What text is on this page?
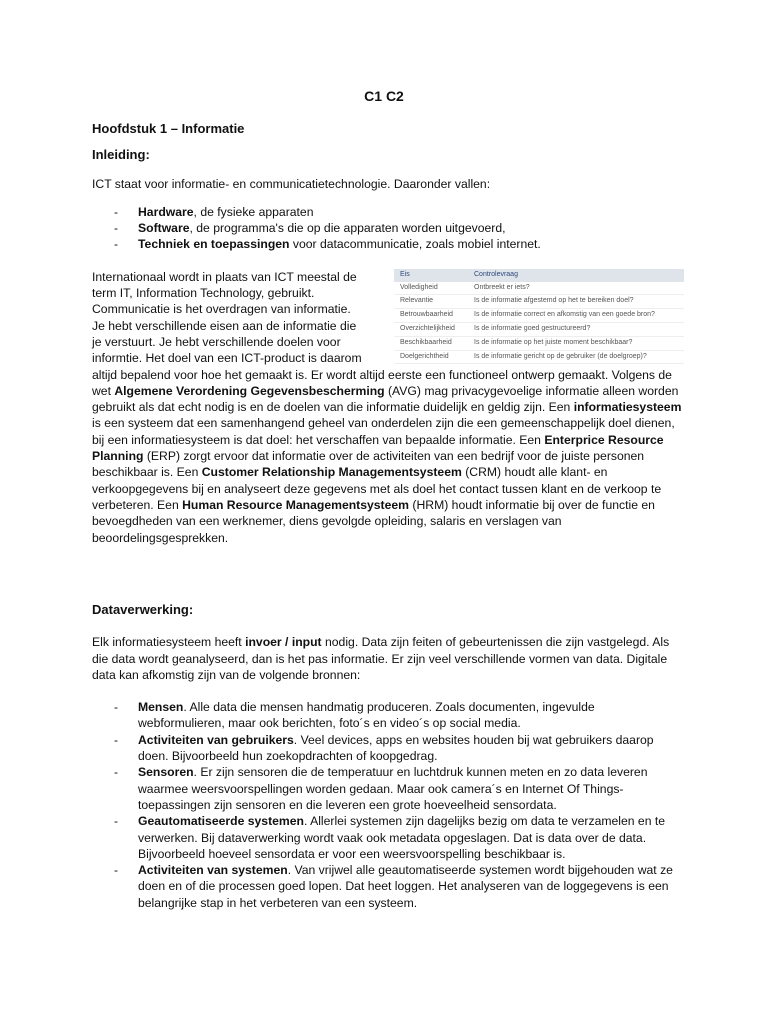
C1 C2
Hoofdstuk 1 – Informatie
Inleiding:
ICT staat voor informatie- en communicatietechnologie. Daaronder vallen:
- Hardware, de fysieke apparaten
- Software, de programma's die op die apparaten worden uitgevoerd,
- Techniek en toepassingen voor datacommunicatie, zoals mobiel internet.
Eis	Controlevraag
Volledigheid	Ontbreekt er iets?
Relevantie	Is de informatie afgestemd op het te bereiken doel?
Betrouwbaarheid	Is de informatie correct en afkomstig van een goede bron?
Overzichtelijkheid	Is de informatie goed gestructureerd?
Beschikbaarheid	Is de informatie op het juiste moment beschikbaar?
Doelgerichtheid	Is de informatie gericht op de gebruiker (de doelgroep)?
Internationaal wordt in plaats van ICT meestal de term IT, Information Technology, gebruikt. Communicatie is het overdragen van informatie. Je hebt verschillende eisen aan de informatie die je verstuurt. Je hebt verschillende doelen voor informtie. Het doel van een ICT-product is daarom altijd bepalend voor hoe het gemaakt is. Er wordt altijd eerste een functioneel ontwerp gemaakt. Volgens de wet Algemene Verordening Gegevensbescherming (AVG) mag privacygevoelige informatie alleen worden gebruikt als dat echt nodig is en de doelen van die informatie duidelijk en geldig zijn. Een informatiesysteem is een systeem dat een samenhangend geheel van onderdelen zijn die een gemeenschappelijk doel dienen, bij een informatiesysteem is dat doel: het verschaffen van bepaalde informatie. Een Enterprice Resource Planning (ERP) zorgt ervoor dat informatie over de activiteiten van een bedrijf voor de juiste personen beschikbaar is. Een Customer Relationship Managementsysteem (CRM) houdt alle klant- en verkoopgegevens bij en analyseert deze gegevens met als doel het contact tussen klant en de verkoop te verbeteren. Een Human Resource Managementsysteem (HRM) houdt informatie bij over de functie en bevoegdheden van een werknemer, diens gevolgde opleiding, salaris en verslagen van beoordelingsgesprekken.
Dataverwerking:
Elk informatiesysteem heeft invoer / input nodig. Data zijn feiten of gebeurtenissen die zijn vastgelegd. Als die data wordt geanalyseerd, dan is het pas informatie. Er zijn veel verschillende vormen van data. Digitale data kan afkomstig zijn van de volgende bronnen:
- Mensen. Alle data die mensen handmatig produceren. Zoals documenten, ingevulde webformulieren, maar ook berichten, foto´s en video´s op social media.
- Activiteiten van gebruikers. Veel devices, apps en websites houden bij wat gebruikers daarop doen. Bijvoorbeeld hun zoekopdrachten of koopgedrag.
- Sensoren. Er zijn sensoren die de temperatuur en luchtdruk kunnen meten en zo data leveren waarmee weersvoorspellingen worden gedaan. Maar ook camera´s en Internet Of Things-toepassingen zijn sensoren en die leveren een grote hoeveelheid sensordata.
- Geautomatiseerde systemen. Allerlei systemen zijn dagelijks bezig om data te verzamelen en te verwerken. Bij dataverwerking wordt vaak ook metadata opgeslagen. Dat is data over de data. Bijvoorbeeld hoeveel sensordata er voor een weersvoorspelling beschikbaar is.
- Activiteiten van systemen. Van vrijwel alle geautomatiseerde systemen wordt bijgehouden wat ze doen en of die processen goed lopen. Dat heet loggen. Het analyseren van de loggegevens is een belangrijke stap in het verbeteren van een systeem.
